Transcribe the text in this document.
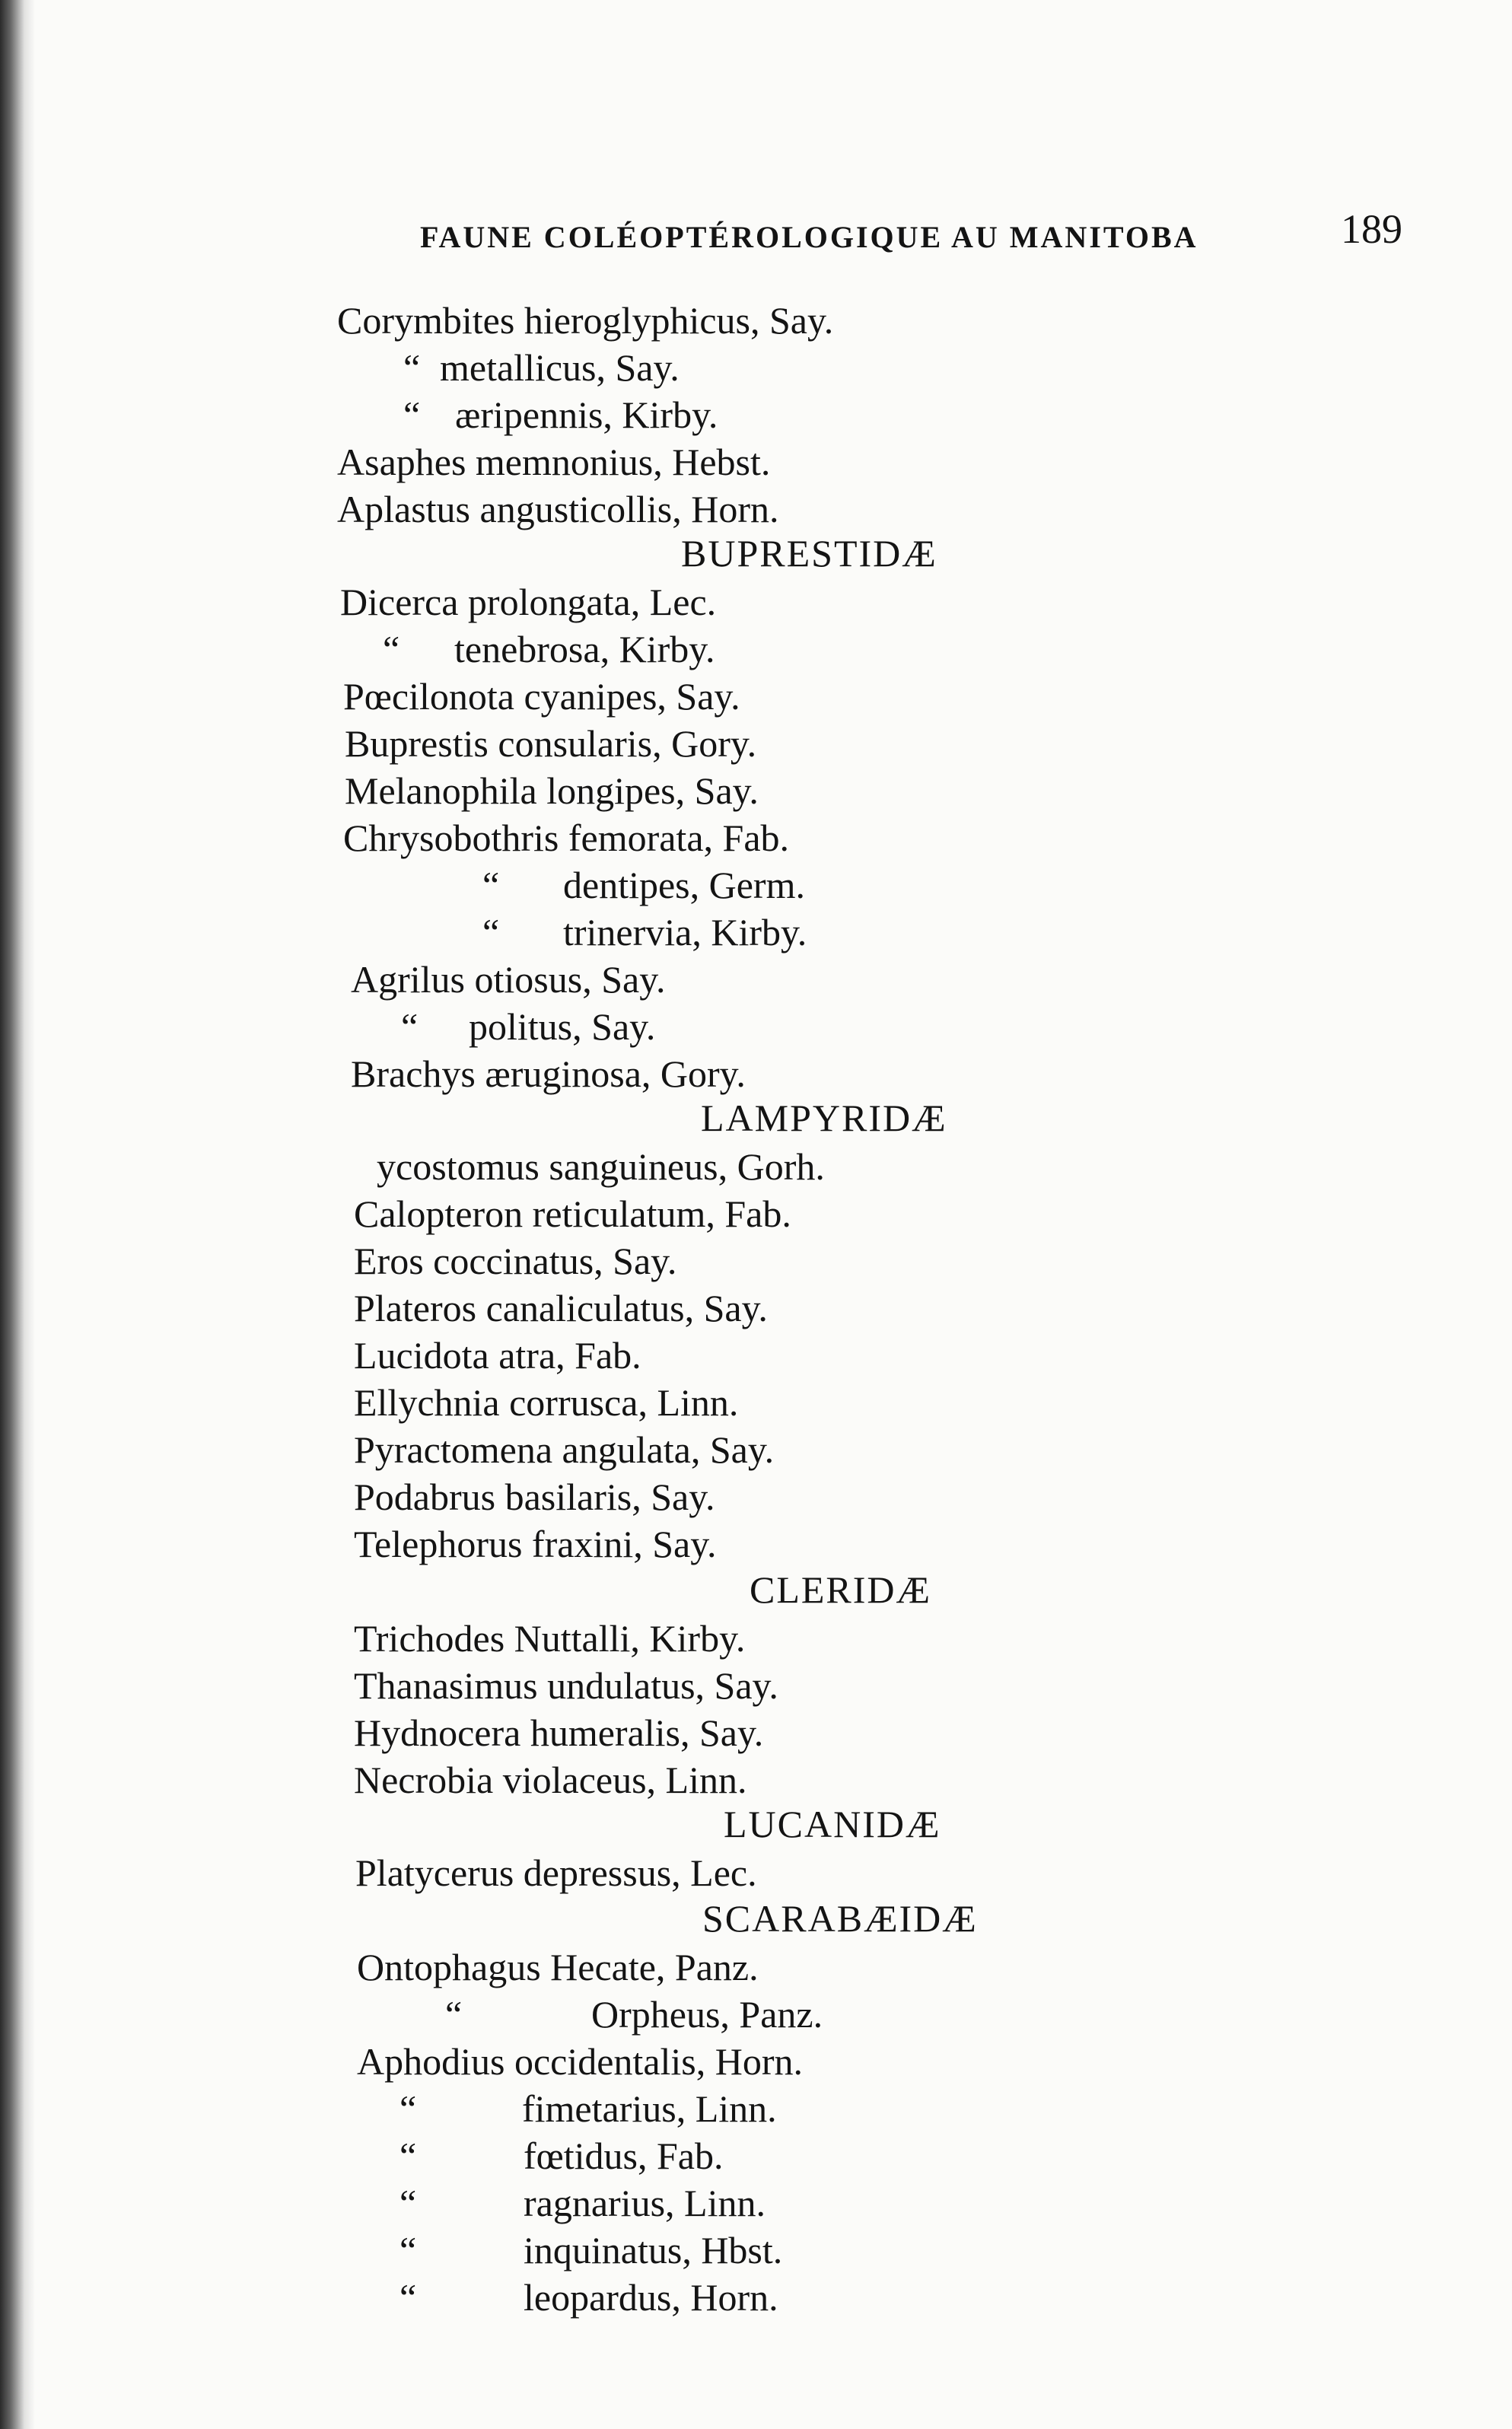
FAUNE COLÉOPTÉROLOGIQUE AU MANITOBA	189
Corymbites hieroglyphicus, Say.
“ metallicus, Say.
“ æripennis, Kirby.
Asaphes memnonius, Hebst.
Aplastus angusticollis, Horn.
BUPRESTIDÆ
Dicerca prolongata, Lec.
“ tenebrosa, Kirby.
Pœcilonota cyanipes, Say.
Buprestis consularis, Gory.
Melanophila longipes, Say.
Chrysobothris femorata, Fab.
“ dentipes, Germ.
“ trinervia, Kirby.
Agrilus otiosus, Say.
“ politus, Say.
Brachys æruginosa, Gory.
LAMPYRIDÆ
ycostomus sanguineus, Gorh.
Calopteron reticulatum, Fab.
Eros coccinatus, Say.
Plateros canaliculatus, Say.
Lucidota atra, Fab.
Ellychnia corrusca, Linn.
Pyractomena angulata, Say.
Podabrus basilaris, Say.
Telephorus fraxini, Say.
CLERIDÆ
Trichodes Nuttalli, Kirby.
Thanasimus undulatus, Say.
Hydnocera humeralis, Say.
Necrobia violaceus, Linn.
LUCANIDÆ
Platycerus depressus, Lec.
SCARABÆIDÆ
Ontophagus Hecate, Panz.
“	Orpheus, Panz.
Aphodius occidentalis, Horn.
“	fimetarius, Linn.
“	fœtidus, Fab.
“	ragnarius, Linn.
“	inquinatus, Hbst.
“	leopardus, Horn.
